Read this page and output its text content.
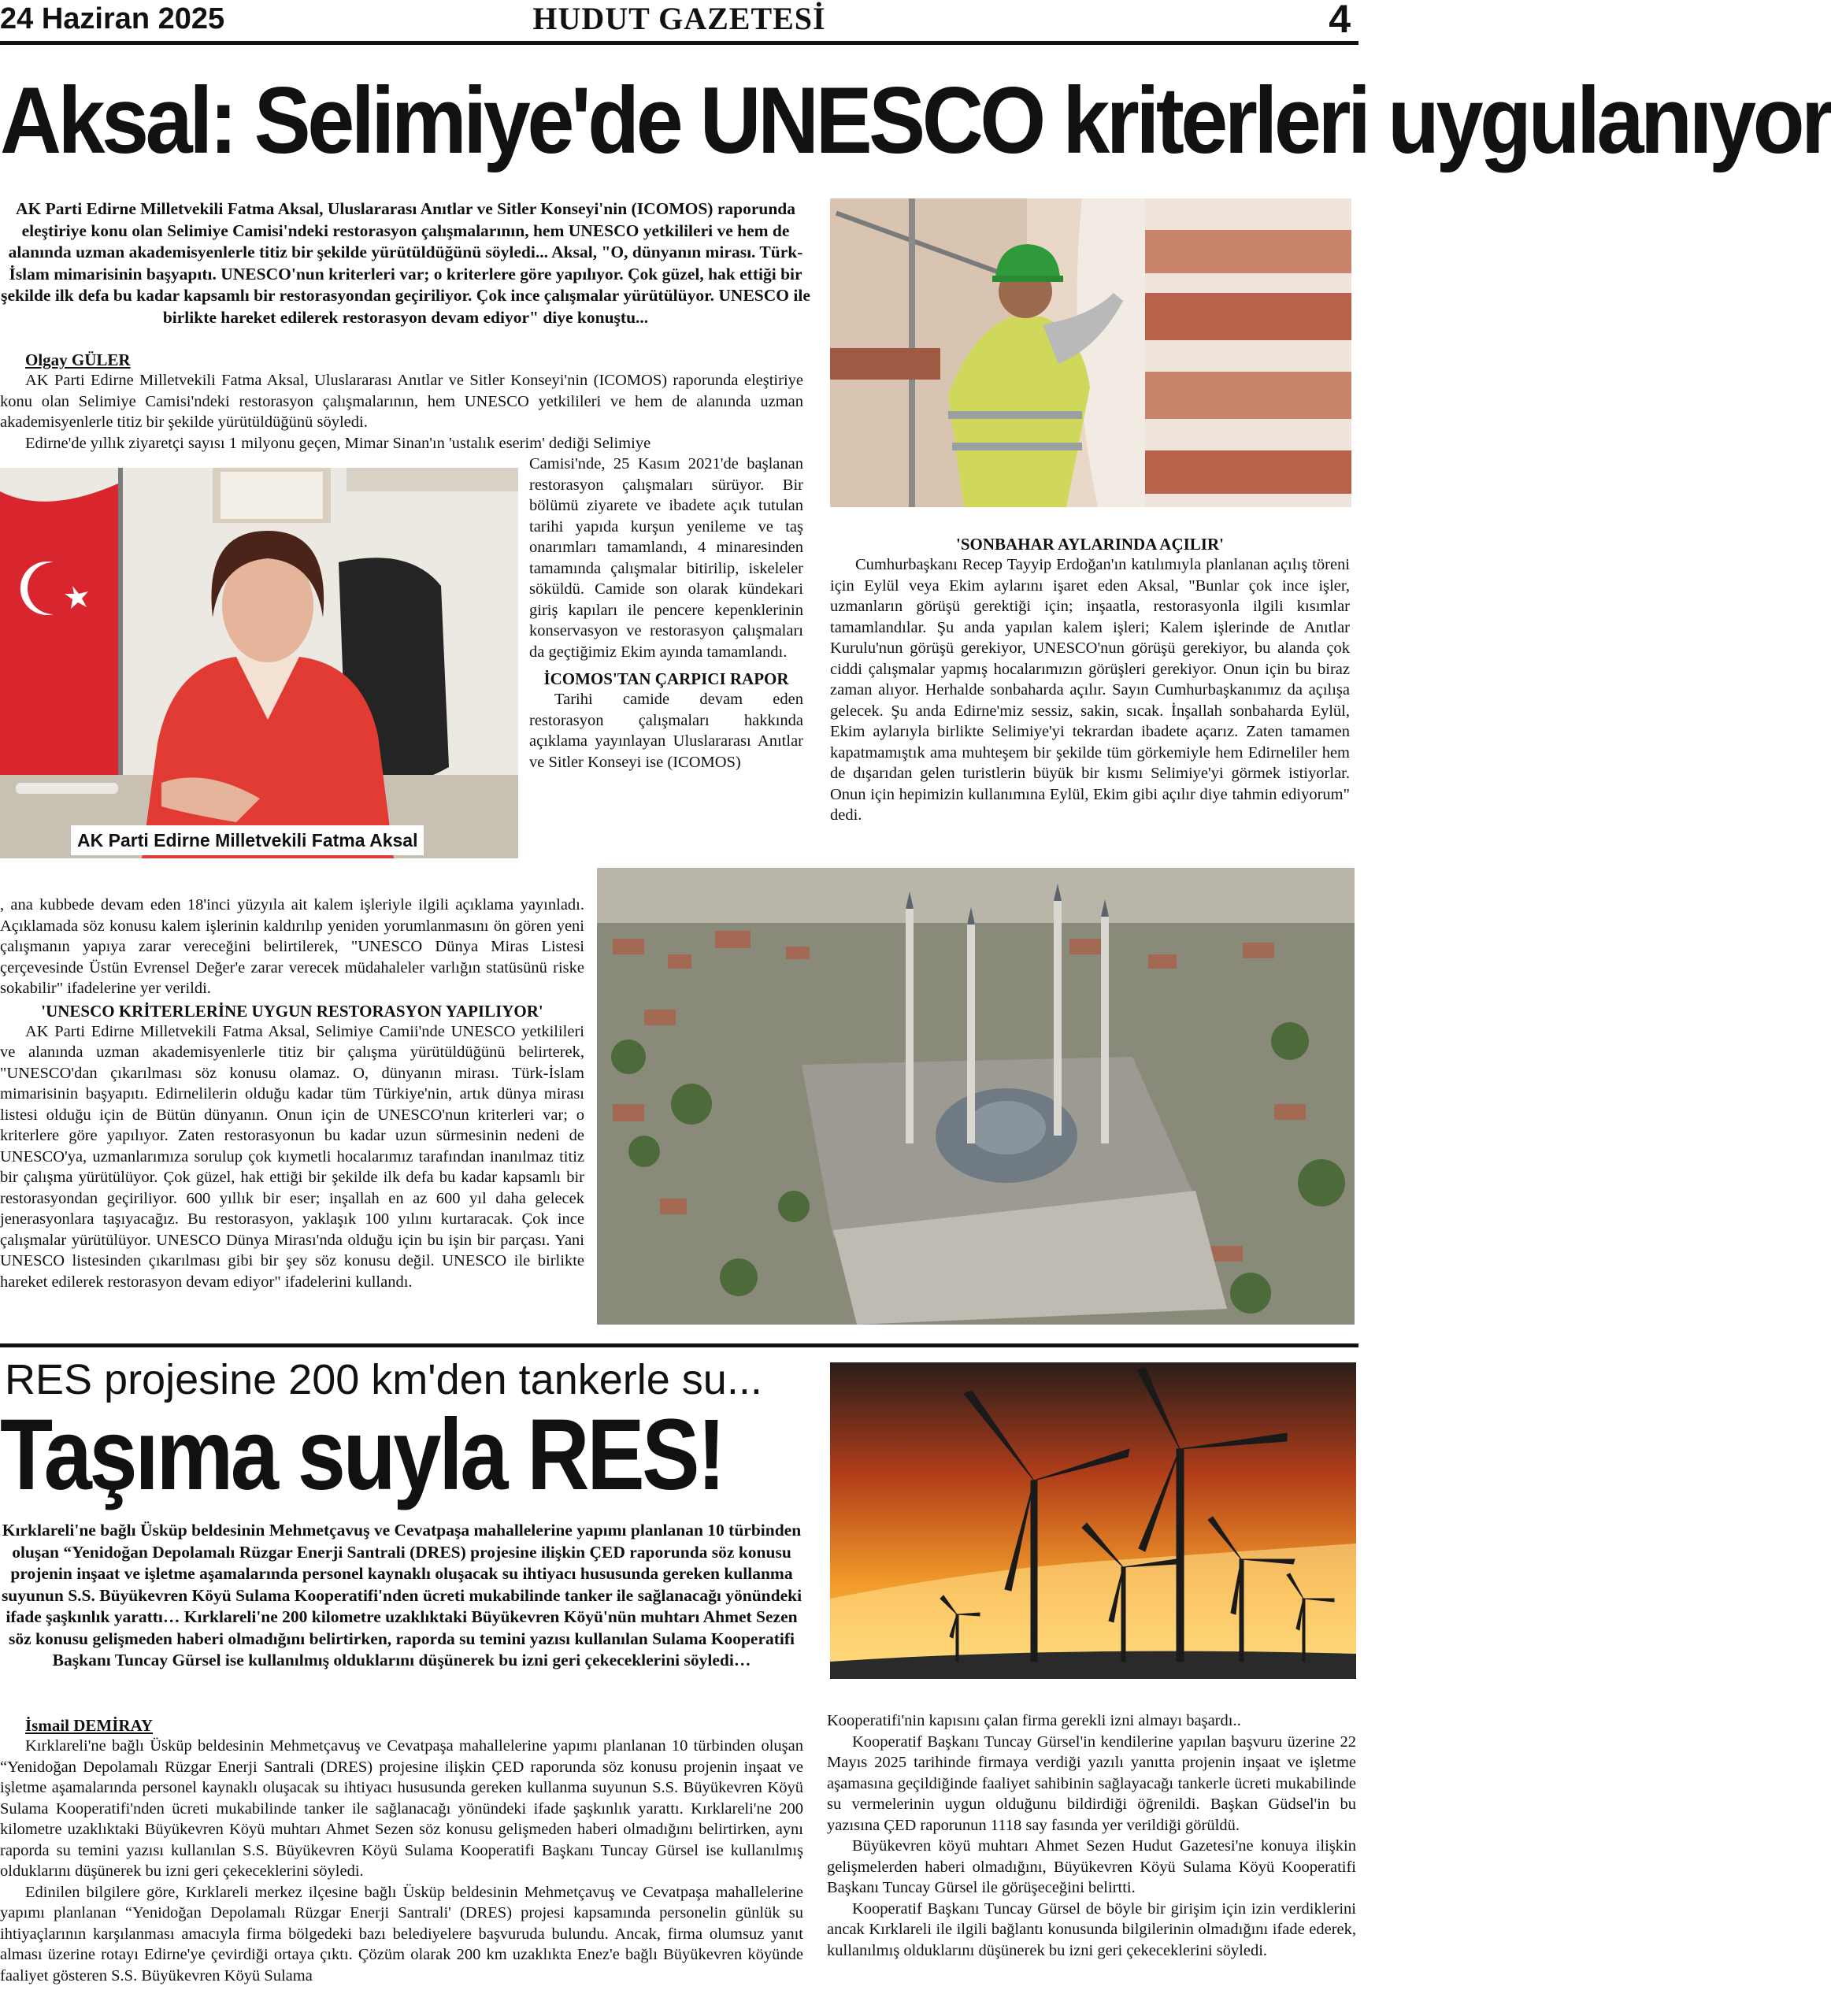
24 Haziran 2025	HUDUT GAZETESİ	4
Aksal: Selimiye'de UNESCO kriterleri uygulanıyor
AK Parti Edirne Milletvekili Fatma Aksal, Uluslararası Anıtlar ve Sitler Konseyi'nin (ICOMOS) raporunda eleştiriye konu olan Selimiye Camisi'ndeki restorasyon çalışmalarının, hem UNESCO yetkilileri ve hem de alanında uzman akademisyenlerle titiz bir şekilde yürütüldüğünü söyledi... Aksal, "O, dünyanın mirası. Türk-İslam mimarisinin başyapıtı. UNESCO'nun kriterleri var; o kriterlere göre yapılıyor. Çok güzel, hak ettiği bir şekilde ilk defa bu kadar kapsamlı bir restorasyondan geçiriliyor. Çok ince çalışmalar yürütülüyor. UNESCO ile birlikte hareket edilerek restorasyon devam ediyor" diye konuştu...
Olgay GÜLER

AK Parti Edirne Milletvekili Fatma Aksal, Uluslararası Anıtlar ve Sitler Konseyi'nin (ICOMOS) raporunda eleştiriye konu olan Selimiye Camisi'ndeki restorasyon çalışmalarının, hem UNESCO yetkilileri ve hem de alanında uzman akademisyenlerle titiz bir şekilde yürütüldüğünü söyledi.

Edirne'de yıllık ziyaretçi sayısı 1 milyonu geçen, Mimar Sinan'ın 'ustalık eserim' dediği Selimiye

AK Parti Edirne Milletvekili Fatma Aksal

Camisi'nde, 25 Kasım 2021'de başlanan restorasyon çalışmaları sürüyor. Bir bölümü ziyarete ve ibadete açık tutulan tarihi yapıda kurşun yenileme ve taş onarımları tamamlandı, 4 minaresinden tamamında çalışmalar bitirilip, iskeleler söküldü. Camide son olarak kündekari giriş kapıları ile pencere kepenklerinin konservasyon ve restorasyon çalışmaları da geçtiğimiz Ekim ayında tamamlandı.

İCOMOS'TAN ÇARPICI RAPOR

Tarihi camide devam eden restorasyon çalışmaları hakkında açıklama yayınlayan Uluslararası Anıtlar ve Sitler Konseyi ise (ICOMOS)

, ana kubbede devam eden 18'inci yüzyıla ait kalem işleriyle ilgili açıklama yayınladı. Açıklamada söz konusu kalem işlerinin kaldırılıp yeniden yorumlanmasını ön gören yeni çalışmanın yapıya zarar vereceğini belirtilerek, "UNESCO Dünya Miras Listesi çerçevesinde Üstün Evrensel Değer'e zarar verecek müdahaleler varlığın statüsünü riske sokabilir" ifadelerine yer verildi.

'UNESCO KRİTERLERİNE UYGUN RESTORASYON YAPILIYOR'

AK Parti Edirne Milletvekili Fatma Aksal, Selimiye Camii'nde UNESCO yetkilileri ve alanında uzman akademisyenlerle titiz bir çalışma yürütüldüğünü belirterek, "UNESCO'dan çıkarılması söz konusu olamaz. O, dünyanın mirası. Türk-İslam mimarisinin başyapıtı. Edirnelilerin olduğu kadar tüm Türkiye'nin, artık dünya mirası listesi olduğu için de Bütün dünyanın. Onun için de UNESCO'nun kriterleri var; o kriterlere göre yapılıyor. Zaten restorasyonun bu kadar uzun sürmesinin nedeni de UNESCO'ya, uzmanlarımıza sorulup çok kıymetli hocalarımız tarafından inanılmaz titiz bir çalışma yürütülüyor. Çok güzel, hak ettiği bir şekilde ilk defa bu kadar kapsamlı bir restorasyondan geçiriliyor. 600 yıllık bir eser; inşallah en az 600 yıl daha gelecek jenerasyonlara taşıyacağız. Bu restorasyon, yaklaşık 100 yılını kurtaracak. Çok ince çalışmalar yürütülüyor. UNESCO Dünya Mirası'nda olduğu için bu işin bir parçası. Yani UNESCO listesinden çıkarılması gibi bir şey söz konusu değil. UNESCO ile birlikte hareket edilerek restorasyon devam ediyor" ifadelerini kullandı.

'SONBAHAR AYLARINDA AÇILIR'

Cumhurbaşkanı Recep Tayyip Erdoğan'ın katılımıyla planlanan açılış töreni için Eylül veya Ekim aylarını işaret eden Aksal, "Bunlar çok ince işler, uzmanların görüşü gerektiği için; inşaatla, restorasyonla ilgili kısımlar tamamlandılar. Şu anda yapılan kalem işleri; Kalem işlerinde de Anıtlar Kurulu'nun görüşü gerekiyor, UNESCO'nun görüşü gerekiyor, bu alanda çok ciddi çalışmalar yapmış hocalarımızın görüşleri gerekiyor. Onun için bu biraz zaman alıyor. Herhalde sonbaharda açılır. Sayın Cumhurbaşkanımız da açılışa gelecek. Şu anda Edirne'miz sessiz, sakin, sıcak. İnşallah sonbaharda Eylül, Ekim aylarıyla birlikte Selimiye'yi tekrardan ibadete açarız. Zaten tamamen kapatmamıştık ama muhteşem bir şekilde tüm görkemiyle hem Edirneliler hem de dışarıdan gelen turistlerin büyük bir kısmı Selimiye'yi görmek istiyorlar. Onun için hepimizin kullanımına Eylül, Ekim gibi açılır diye tahmin ediyorum" dedi.

RES projesine 200 km'den tankerle su...
Taşıma suyla RES!
Kırklareli'ne bağlı Üsküp beldesinin Mehmetçavuş ve Cevatpaşa mahallelerine yapımı planlanan 10 türbinden oluşan “Yenidoğan Depolamalı Rüzgar Enerji Santrali (DRES) projesine ilişkin ÇED raporunda söz konusu projenin inşaat ve işletme aşamalarında personel kaynaklı oluşacak su ihtiyacı hususunda gereken kullanma suyunun S.S. Büyükevren Köyü Sulama Kooperatifi'nden ücreti mukabilinde tanker ile sağlanacağı yönündeki ifade şaşkınlık yarattı… Kırklareli'ne 200 kilometre uzaklıktaki Büyükevren Köyü'nün muhtarı Ahmet Sezen söz konusu gelişmeden haberi olmadığını belirtirken, raporda su temini yazısı kullanılan Sulama Kooperatifi Başkanı Tuncay Gürsel ise kullanılmış olduklarını düşünerek bu izni geri çekeceklerini söyledi…
İsmail DEMİRAY

Kırklareli'ne bağlı Üsküp beldesinin Mehmetçavuş ve Cevatpaşa mahallelerine yapımı planlanan 10 türbinden oluşan “Yenidoğan Depolamalı Rüzgar Enerji Santrali (DRES) projesine ilişkin ÇED raporunda söz konusu projenin inşaat ve işletme aşamalarında personel kaynaklı oluşacak su ihtiyacı hususunda gereken kullanma suyunun S.S. Büyükevren Köyü Sulama Kooperatifi'nden ücreti mukabilinde tanker ile sağlanacağı yönündeki ifade şaşkınlık yarattı. Kırklareli'ne 200 kilometre uzaklıktaki Büyükevren Köyü muhtarı Ahmet Sezen söz konusu gelişmeden haberi olmadığını belirtirken, aynı raporda su temini yazısı kullanılan S.S. Büyükevren Köyü Sulama Kooperatifi Başkanı Tuncay Gürsel ise kullanılmış olduklarını düşünerek bu izni geri çekeceklerini söyledi.

Edinilen bilgilere göre, Kırklareli merkez ilçesine bağlı Üsküp beldesinin Mehmetçavuş ve Cevatpaşa mahallelerine yapımı planlanan “Yenidoğan Depolamalı Rüzgar Enerji Santrali' (DRES) projesi kapsamında personelin günlük su ihtiyaçlarının karşılanması amacıyla firma bölgedeki bazı belediyelere başvuruda bulundu. Ancak, firma olumsuz yanıt alması üzerine rotayı Edirne'ye çevirdiği ortaya çıktı. Çözüm olarak 200 km uzaklıkta Enez'e bağlı Büyükevren köyünde faaliyet gösteren S.S. Büyükevren Köyü Sulama

Kooperatifi'nin kapısını çalan firma gerekli izni almayı başardı..

Kooperatif Başkanı Tuncay Gürsel'in kendilerine yapılan başvuru üzerine 22 Mayıs 2025 tarihinde firmaya verdiği yazılı yanıtta projenin inşaat ve işletme aşamasına geçildiğinde faaliyet sahibinin sağlayacağı tankerle ücreti mukabilinde su vermelerinin uygun olduğunu bildirdiği öğrenildi. Başkan Güdsel'in bu yazısına ÇED raporunun 1118 say fasında yer verildiği görüldü.

Büyükevren köyü muhtarı Ahmet Sezen Hudut Gazetesi'ne konuya ilişkin gelişmelerden haberi olmadığını, Büyükevren Köyü Sulama Köyü Kooperatifi Başkanı Tuncay Gürsel ile görüşeceğini belirtti.

Kooperatif Başkanı Tuncay Gürsel de böyle bir girişim için izin verdiklerini ancak Kırklareli ile ilgili bağlantı konusunda bilgilerinin olmadığını ifade ederek, kullanılmış olduklarını düşünerek bu izni geri çekeceklerini söyledi.
